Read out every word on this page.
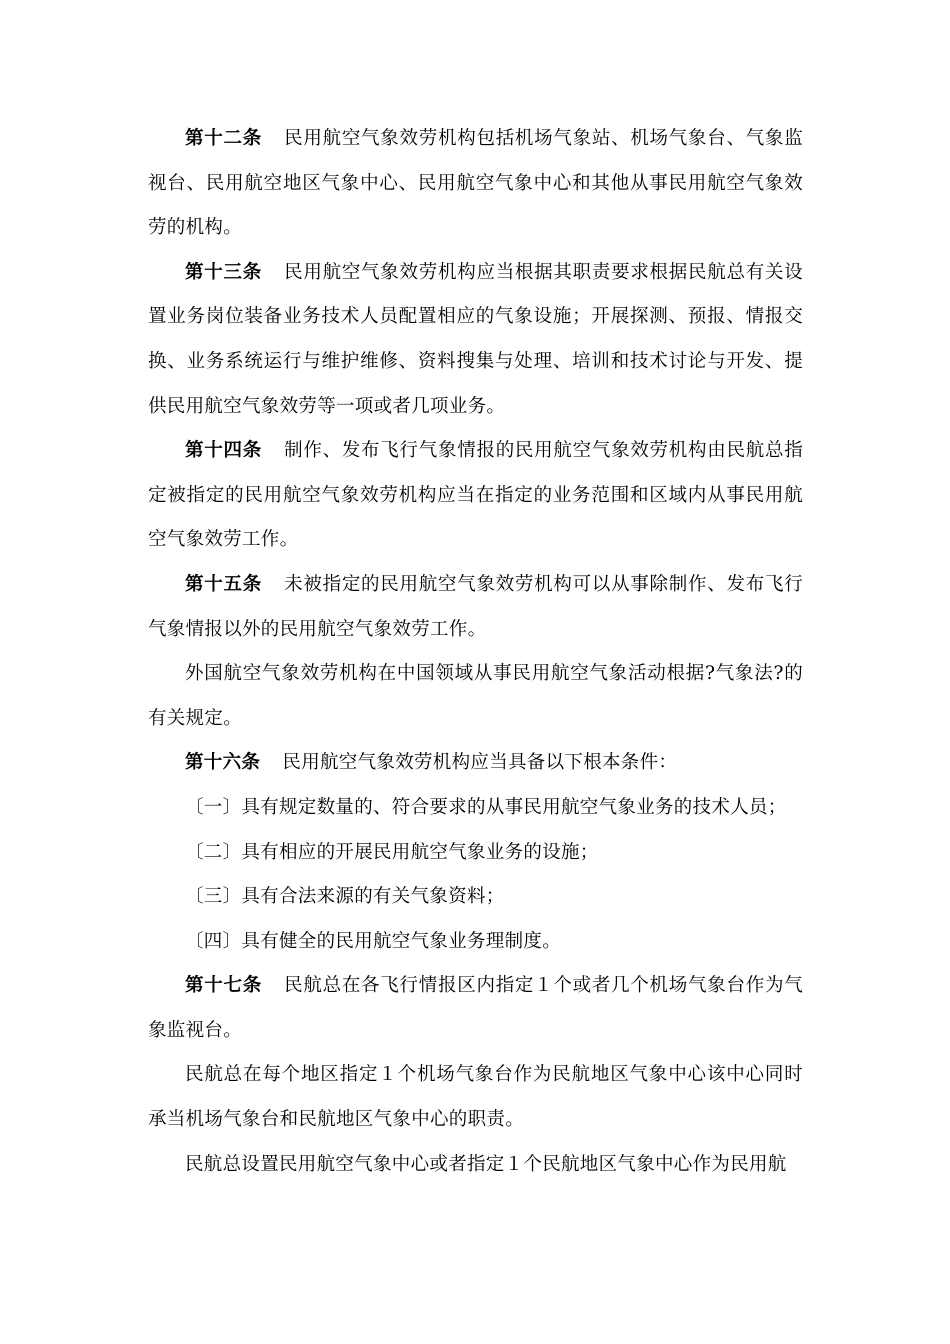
第十二条 民用航空气象效劳机构包括机场气象站、机场气象台、气象监视台、民用航空地区气象中心、民用航空气象中心和其他从事民用航空气象效劳的机构。

第十三条 民用航空气象效劳机构应当根据其职责要求根据民航总有关设置业务岗位装备业务技术人员配置相应的气象设施；开展探测、预报、情报交换、业务系统运行与维护维修、资料搜集与处理、培训和技术讨论与开发、提供民用航空气象效劳等一项或者几项业务。

第十四条 制作、发布飞行气象情报的民用航空气象效劳机构由民航总指定被指定的民用航空气象效劳机构应当在指定的业务范围和区域内从事民用航空气象效劳工作。

第十五条 未被指定的民用航空气象效劳机构可以从事除制作、发布飞行气象情报以外的民用航空气象效劳工作。

外国航空气象效劳机构在中国领域从事民用航空气象活动根据?气象法?的有关规定。

第十六条 民用航空气象效劳机构应当具备以下根本条件：

〔一〕具有规定数量的、符合要求的从事民用航空气象业务的技术人员；

〔二〕具有相应的开展民用航空气象业务的设施；

〔三〕具有合法来源的有关气象资料；

〔四〕具有健全的民用航空气象业务理制度。

第十七条 民航总在各飞行情报区内指定１个或者几个机场气象台作为气象监视台。

民航总在每个地区指定１个机场气象台作为民航地区气象中心该中心同时承当机场气象台和民航地区气象中心的职责。

民航总设置民用航空气象中心或者指定１个民航地区气象中心作为民用航
